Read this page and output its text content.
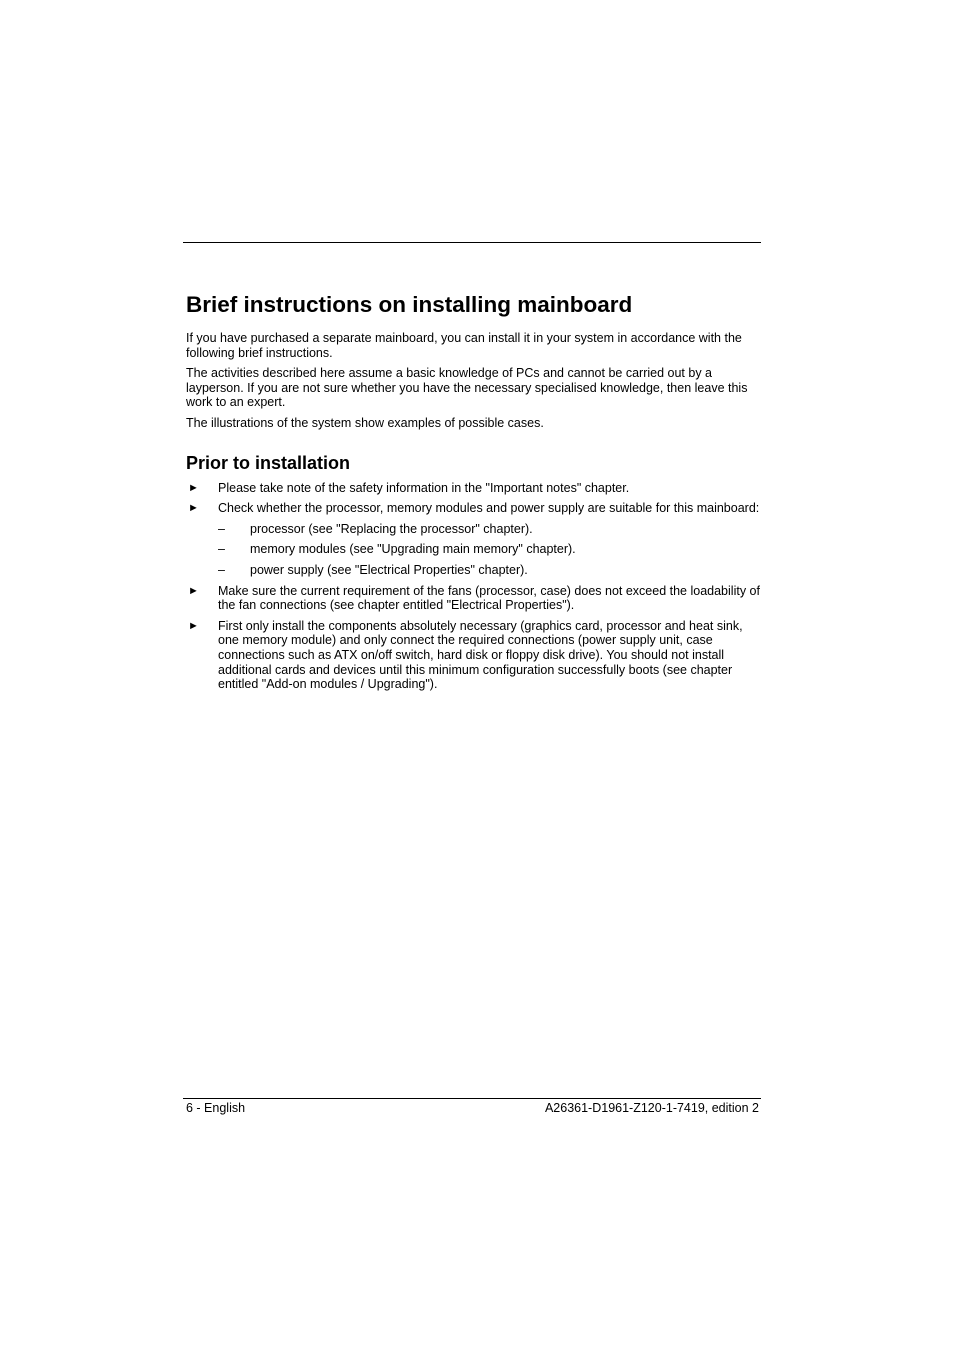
Brief instructions on installing mainboard

If you have purchased a separate mainboard, you can install it in your system in accordance with the following brief instructions.

The activities described here assume a basic knowledge of PCs and cannot be carried out by a layperson. If you are not sure whether you have the necessary specialised knowledge, then leave this work to an expert.

The illustrations of the system show examples of possible cases.

Prior to installation
► Please take note of the safety information in the "Important notes" chapter.
► Check whether the processor, memory modules and power supply are suitable for this mainboard:
– processor (see "Replacing the processor" chapter).
– memory modules (see "Upgrading main memory" chapter).
– power supply (see "Electrical Properties" chapter).
► Make sure the current requirement of the fans (processor, case) does not exceed the loadability of the fan connections (see chapter entitled "Electrical Properties").
► First only install the components absolutely necessary (graphics card, processor and heat sink, one memory module) and only connect the required connections (power supply unit, case connections such as ATX on/off switch, hard disk or floppy disk drive). You should not install additional cards and devices until this minimum configuration successfully boots (see chapter entitled "Add-on modules / Upgrading").
6 - English	A26361-D1961-Z120-1-7419, edition 2
